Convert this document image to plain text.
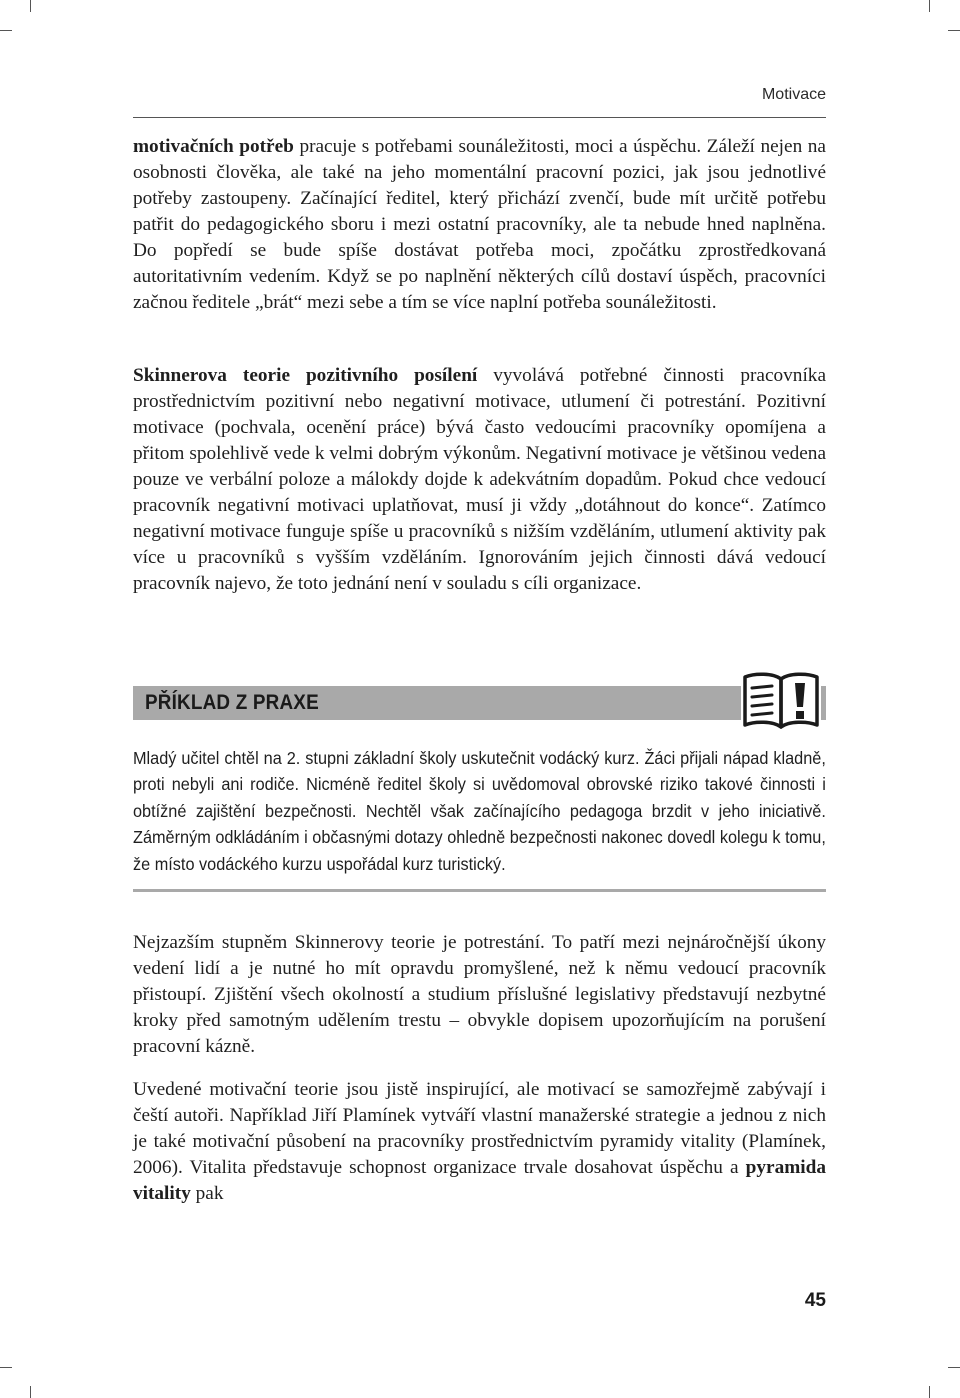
Motivace

motivačních potřeb pracuje s potřebami sounáležitosti, moci a úspěchu. Záleží nejen na osobnosti člověka, ale také na jeho momentální pracovní pozici, jak jsou jednotlivé potřeby zastoupeny. Začínající ředitel, který přichází zvenčí, bude mít určitě potřebu patřit do pedagogického sboru i mezi ostatní pracovníky, ale ta nebude hned naplněna. Do popředí se bude spíše dostávat potřeba moci, zpočátku zprostředkovaná autoritativním vedením. Když se po naplnění některých cílů dostaví úspěch, pracovníci začnou ředitele „brát“ mezi sebe a tím se více naplní potřeba sounáležitosti.

Skinnerova teorie pozitivního posílení vyvolává potřebné činnosti pracovníka prostřednictvím pozitivní nebo negativní motivace, utlumení či potrestání. Pozitivní motivace (pochvala, ocenění práce) bývá často vedoucími pracovníky opomíjena a přitom spolehlivě vede k velmi dobrým výkonům. Negativní motivace je většinou vedena pouze ve verbální poloze a málokdy dojde k adekvátním dopadům. Pokud chce vedoucí pracovník negativní motivaci uplatňovat, musí ji vždy „dotáhnout do konce“. Zatímco negativní motivace funguje spíše u pracovníků s nižším vzděláním, utlumení aktivity pak více u pracovníků s vyšším vzděláním. Ignorováním jejich činnosti dává vedoucí pracovník najevo, že toto jednání není v souladu s cíli organizace.

PŘÍKLAD Z PRAXE

Mladý učitel chtěl na 2. stupni základní školy uskutečnit vodácký kurz. Žáci přijali nápad kladně, proti nebyli ani rodiče. Nicméně ředitel školy si uvědomoval obrovské riziko takové činnosti i obtížné zajištění bezpečnosti. Nechtěl však začínajícího pedagoga brzdit v jeho iniciativě. Záměrným odkládáním i občasnými dotazy ohledně bezpečnosti nakonec dovedl kolegu k tomu, že místo vodáckého kurzu uspořádal kurz turistický.

Nejzazším stupněm Skinnerovy teorie je potrestání. To patří mezi nejnáročnější úkony vedení lidí a je nutné ho mít opravdu promyšlené, než k němu vedoucí pracovník přistoupí. Zjištění všech okolností a studium příslušné legislativy představují nezbytné kroky před samotným udělením trestu – obvykle dopisem upozorňujícím na porušení pracovní kázně.

Uvedené motivační teorie jsou jistě inspirující, ale motivací se samozřejmě zabývají i čeští autoři. Například Jiří Plamínek vytváří vlastní manažerské strategie a jednou z nich je také motivační působení na pracovníky prostřednictvím pyramidy vitality (Plamínek, 2006). Vitalita představuje schopnost organizace trvale dosahovat úspěchu a pyramida vitality pak

45
